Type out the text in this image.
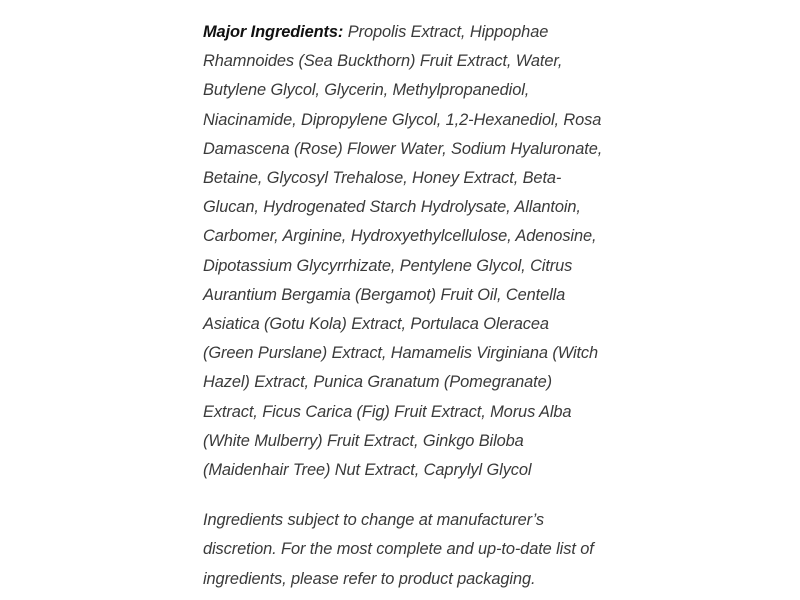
Major Ingredients: Propolis Extract, Hippophae Rhamnoides (Sea Buckthorn) Fruit Extract, Water, Butylene Glycol, Glycerin, Methylpropanediol, Niacinamide, Dipropylene Glycol, 1,2-Hexanediol, Rosa Damascena (Rose) Flower Water, Sodium Hyaluronate, Betaine, Glycosyl Trehalose, Honey Extract, Beta-Glucan, Hydrogenated Starch Hydrolysate, Allantoin, Carbomer, Arginine, Hydroxyethylcellulose, Adenosine, Dipotassium Glycyrrhizate, Pentylene Glycol, Citrus Aurantium Bergamia (Bergamot) Fruit Oil, Centella Asiatica (Gotu Kola) Extract, Portulaca Oleracea (Green Purslane) Extract, Hamamelis Virginiana (Witch Hazel) Extract, Punica Granatum (Pomegranate) Extract, Ficus Carica (Fig) Fruit Extract, Morus Alba (White Mulberry) Fruit Extract, Ginkgo Biloba (Maidenhair Tree) Nut Extract, Caprylyl Glycol

Ingredients subject to change at manufacturer’s discretion. For the most complete and up-to-date list of ingredients, please refer to product packaging.
